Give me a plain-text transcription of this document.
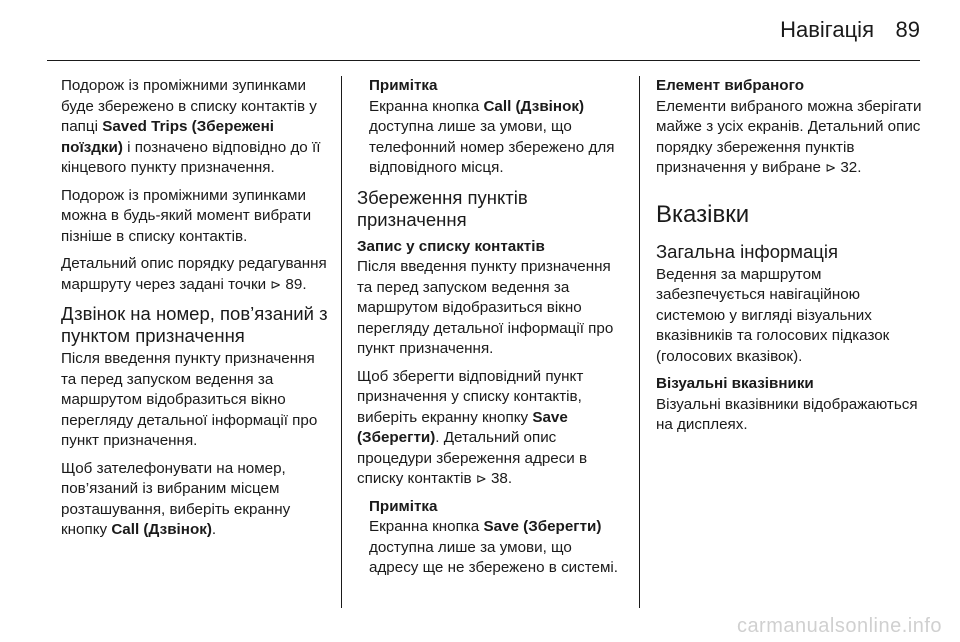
Навігація 89

Подорож із проміжними зупинками буде збережено в списку контактів у папці Saved Trips (Збережені поїздки) і позначено відповідно до її кінцевого пункту призначення.

Подорож із проміжними зупинками можна в будь-який момент вибрати пізніше в списку контактів.

Детальний опис порядку редагування маршруту через задані точки ⊳ 89.

Дзвінок на номер, пов’язаний з пунктом призначення

Після введення пункту призначення та перед запуском ведення за маршрутом відобразиться вікно перегляду детальної інформації про пункт призначення.

Щоб зателефонувати на номер, пов’язаний із вибраним місцем розташування, виберіть екранну кнопку Call (Дзвінок).

Примітка

Екранна кнопка Call (Дзвінок) доступна лише за умови, що телефонний номер збережено для відповідного місця.

Збереження пунктів призначення
Запис у списку контактів

Після введення пункту призначення та перед запуском ведення за маршрутом відобразиться вікно перегляду детальної інформації про пункт призначення.

Щоб зберегти відповідний пункт призначення у списку контактів, виберіть екранну кнопку Save (Зберегти). Детальний опис процедури збереження адреси в списку контактів ⊳ 38.

Примітка

Екранна кнопка Save (Зберегти) доступна лише за умови, що адресу ще не збережено в системі.

Елемент вибраного

Елементи вибраного можна зберігати майже з усіх екранів. Детальний опис порядку збереження пунктів призначення у вибране ⊳ 32.

Вказівки
Загальна інформація

Ведення за маршрутом забезпечується навігаційною системою у вигляді візуальних вказівників та голосових підказок (голосових вказівок).

Візуальні вказівники

Візуальні вказівники відображаються на дисплеях.

carmanualsonline.info
